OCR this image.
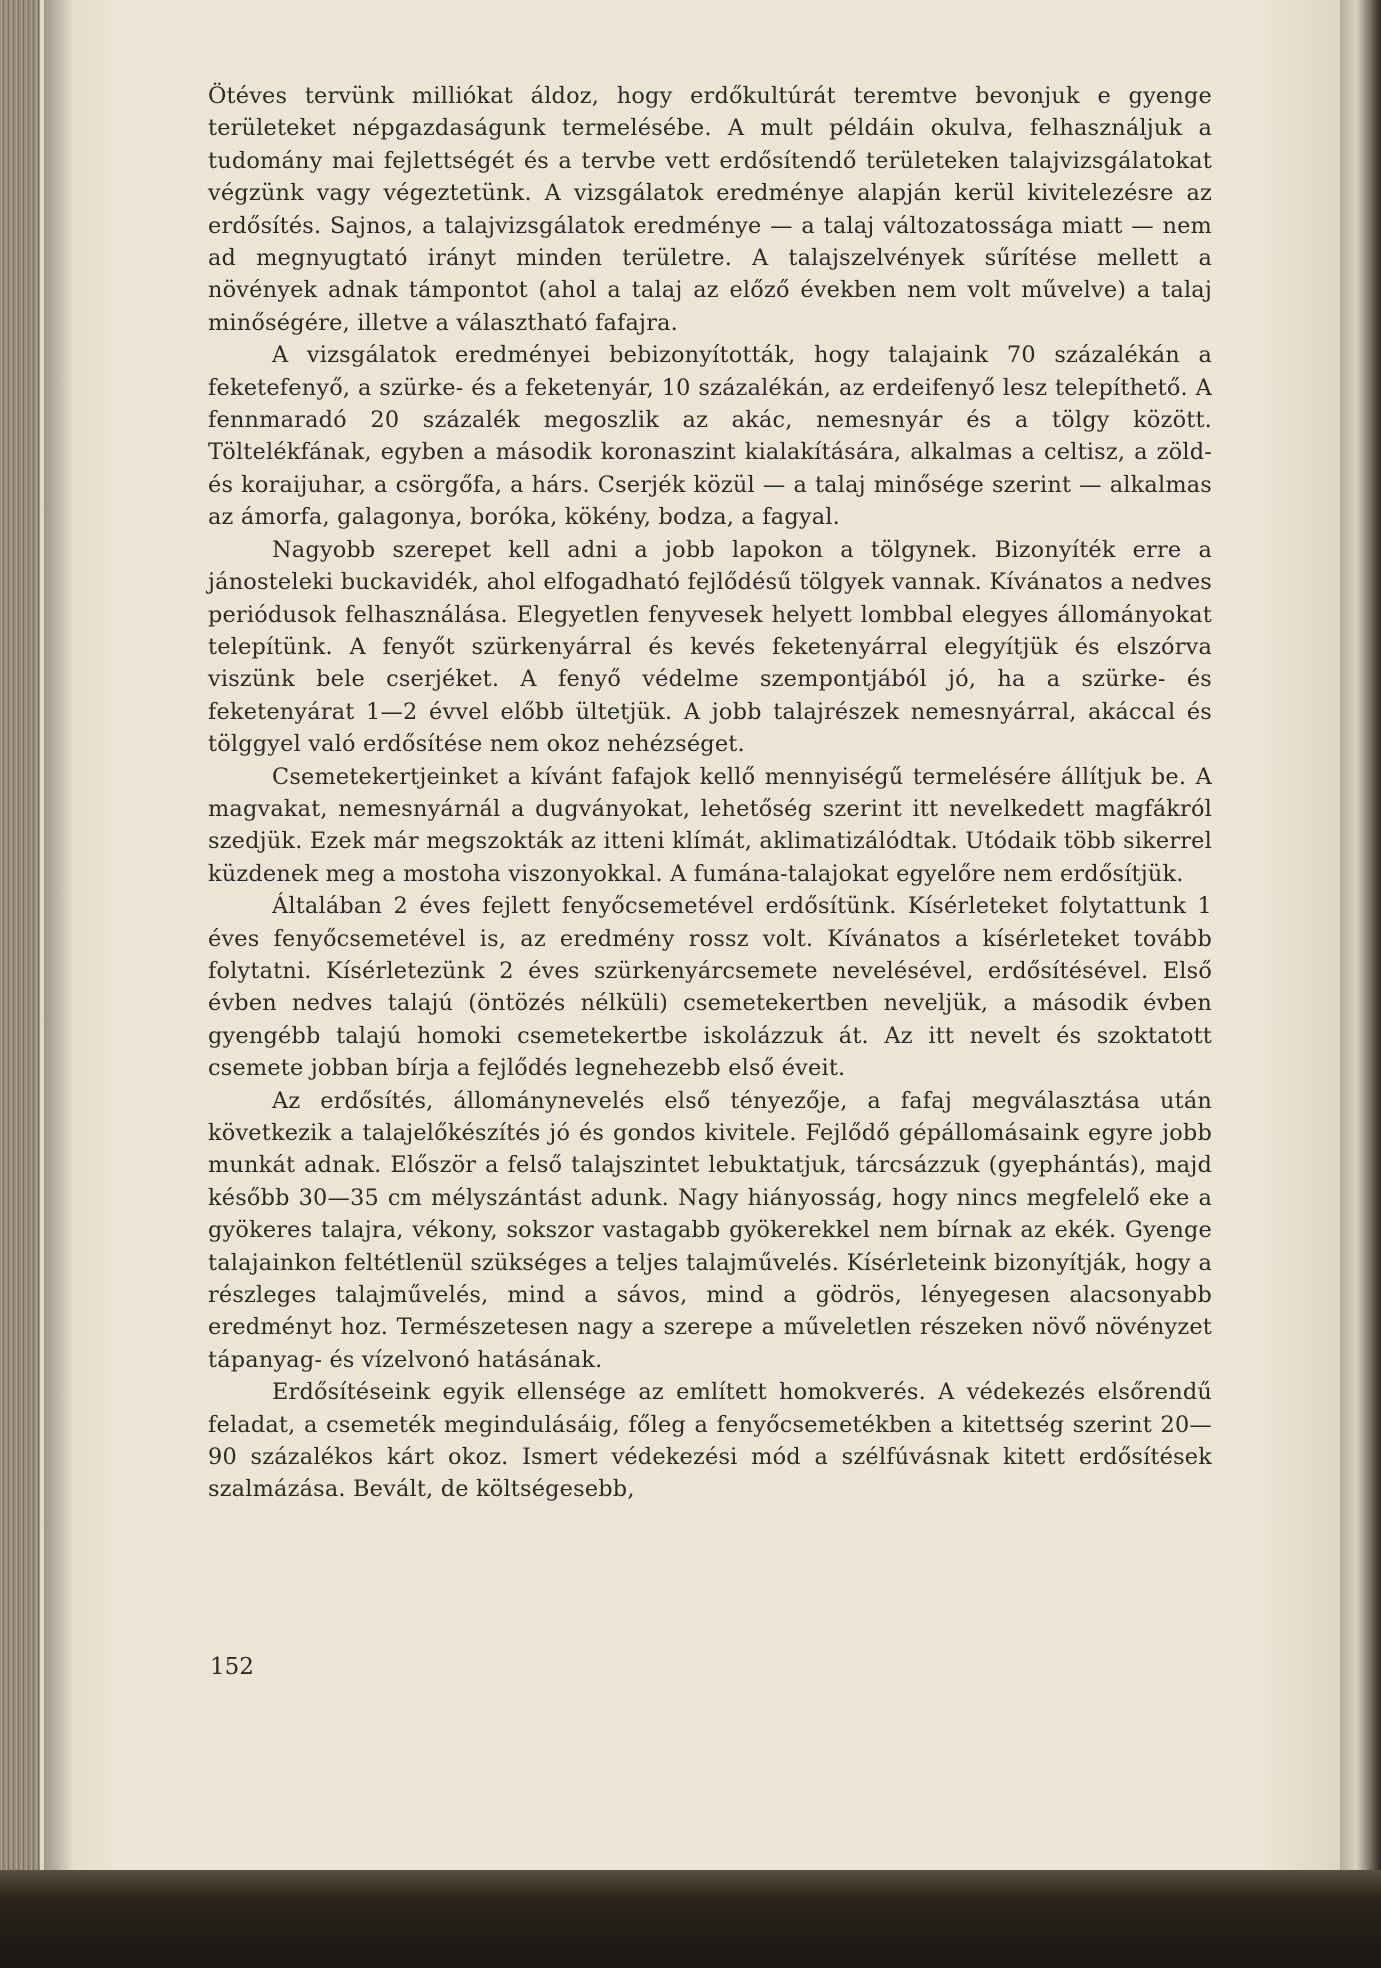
Ötéves tervünk milliókat áldoz, hogy erdőkultúrát teremtve bevonjuk e gyenge területeket népgazdaságunk termelésébe. A mult példáin okulva, felhasználjuk a tudomány mai fejlettségét és a tervbe vett erdősítendő területeken talajvizsgálatokat végzünk vagy végeztetünk. A vizsgálatok eredménye alapján kerül kivitelezésre az erdősítés. Sajnos, a talajvizsgálatok eredménye — a talaj változatossága miatt — nem ad megnyugtató irányt minden területre. A talajszelvények sűrítése mellett a növények adnak támpontot (ahol a talaj az előző években nem volt művelve) a talaj minőségére, illetve a választható fafajra.

A vizsgálatok eredményei bebizonyították, hogy talajaink 70 százalékán a feketefenyő, a szürke- és a feketenyár, 10 százalékán, az erdeifenyő lesz telepíthető. A fennmaradó 20 százalék megoszlik az akác, nemesnyár és a tölgy között. Töltelékfának, egyben a második koronaszint kialakítására, alkalmas a celtisz, a zöld- és koraijuhar, a csörgőfa, a hárs. Cserjék közül — a talaj minősége szerint — alkalmas az ámorfa, galagonya, boróka, kökény, bodza, a fagyal.

Nagyobb szerepet kell adni a jobb lapokon a tölgynek. Bizonyíték erre a jánosteleki buckavidék, ahol elfogadható fejlődésű tölgyek vannak. Kívánatos a nedves periódusok felhasználása. Elegyetlen fenyvesek helyett lombbal elegyes állományokat telepítünk. A fenyőt szürkenyárral és kevés feketenyárral elegyítjük és elszórva viszünk bele cserjéket. A fenyő védelme szempontjából jó, ha a szürke- és feketenyárat 1—2 évvel előbb ültetjük. A jobb talajrészek nemesnyárral, akáccal és tölggyel való erdősítése nem okoz nehézséget.

Csemetekertjeinket a kívánt fafajok kellő mennyiségű termelésére állítjuk be. A magvakat, nemesnyárnál a dugványokat, lehetőség szerint itt nevelkedett magfákról szedjük. Ezek már megszokták az itteni klímát, aklimatizálódtak. Utódaik több sikerrel küzdenek meg a mostoha viszonyokkal. A fumána-talajokat egyelőre nem erdősítjük.

Általában 2 éves fejlett fenyőcsemetével erdősítünk. Kísérleteket folytattunk 1 éves fenyőcsemetével is, az eredmény rossz volt. Kívánatos a kísérleteket tovább folytatni. Kísérletezünk 2 éves szürkenyárcsemete nevelésével, erdősítésével. Első évben nedves talajú (öntözés nélküli) csemetekertben neveljük, a második évben gyengébb talajú homoki csemetekertbe iskolázzuk át. Az itt nevelt és szoktatott csemete jobban bírja a fejlődés legnehezebb első éveit.

Az erdősítés, állománynevelés első tényezője, a fafaj megválasztása után következik a talajelőkészítés jó és gondos kivitele. Fejlődő gépállomásaink egyre jobb munkát adnak. Először a felső talajszintet lebuktatjuk, tárcsázzuk (gyephántás), majd később 30—35 cm mélyszántást adunk. Nagy hiányosság, hogy nincs megfelelő eke a gyökeres talajra, vékony, sokszor vastagabb gyökerekkel nem bírnak az ekék. Gyenge talajainkon feltétlenül szükséges a teljes talajművelés. Kísérleteink bizonyítják, hogy a részleges talajművelés, mind a sávos, mind a gödrös, lényegesen alacsonyabb eredményt hoz. Természetesen nagy a szerepe a műveletlen részeken növő növényzet tápanyag- és vízelvonó hatásának.

Erdősítéseink egyik ellensége az említett homokverés. A védekezés elsőrendű feladat, a csemeték megindulásáig, főleg a fenyőcsemetékben a kitettség szerint 20—90 százalékos kárt okoz. Ismert védekezési mód a szélfúvásnak kitett erdősítések szalmázása. Bevált, de költségesebb,

152
